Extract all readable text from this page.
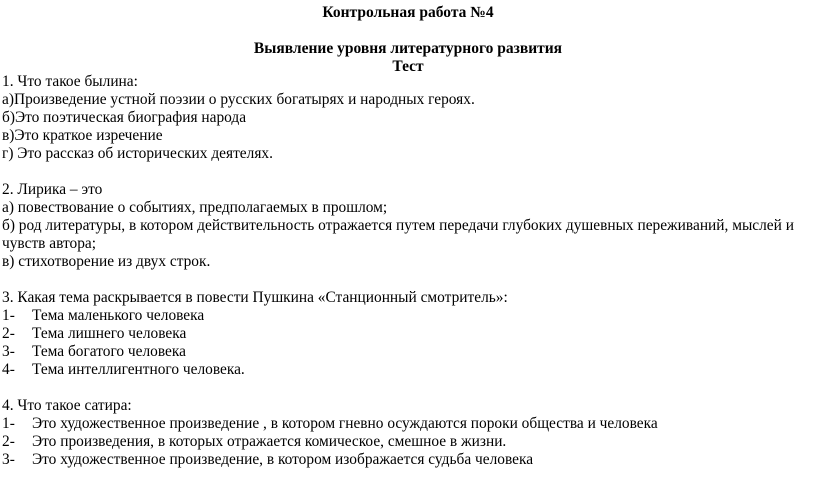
Контрольная работа №4

Выявление уровня литературного развития

Тест

1. Что такое былина:
а)Произведение устной поэзии о русских богатырях и народных героях.
б)Это поэтическая биография народа
в)Это краткое изречение
г) Это рассказ об исторических деятелях.
2. Лирика – это
а) повествование о событиях, предполагаемых в прошлом;
б) род литературы, в котором действительность отражается путем передачи глубоких душевных переживаний, мыслей и чувств автора;
в) стихотворение из двух строк.
3. Какая тема раскрывается в повести Пушкина «Станционный смотритель»:
1-	Тема маленького человека
2-	Тема лишнего человека
3-	Тема богатого человека
4-	Тема интеллигентного человека.
4. Что такое сатира:
1-	Это художественное произведение , в котором гневно осуждаются пороки общества и человека
2-	Это произведения, в которых отражается комическое, смешное в жизни.
3-	Это художественное произведение, в котором изображается судьба человека
